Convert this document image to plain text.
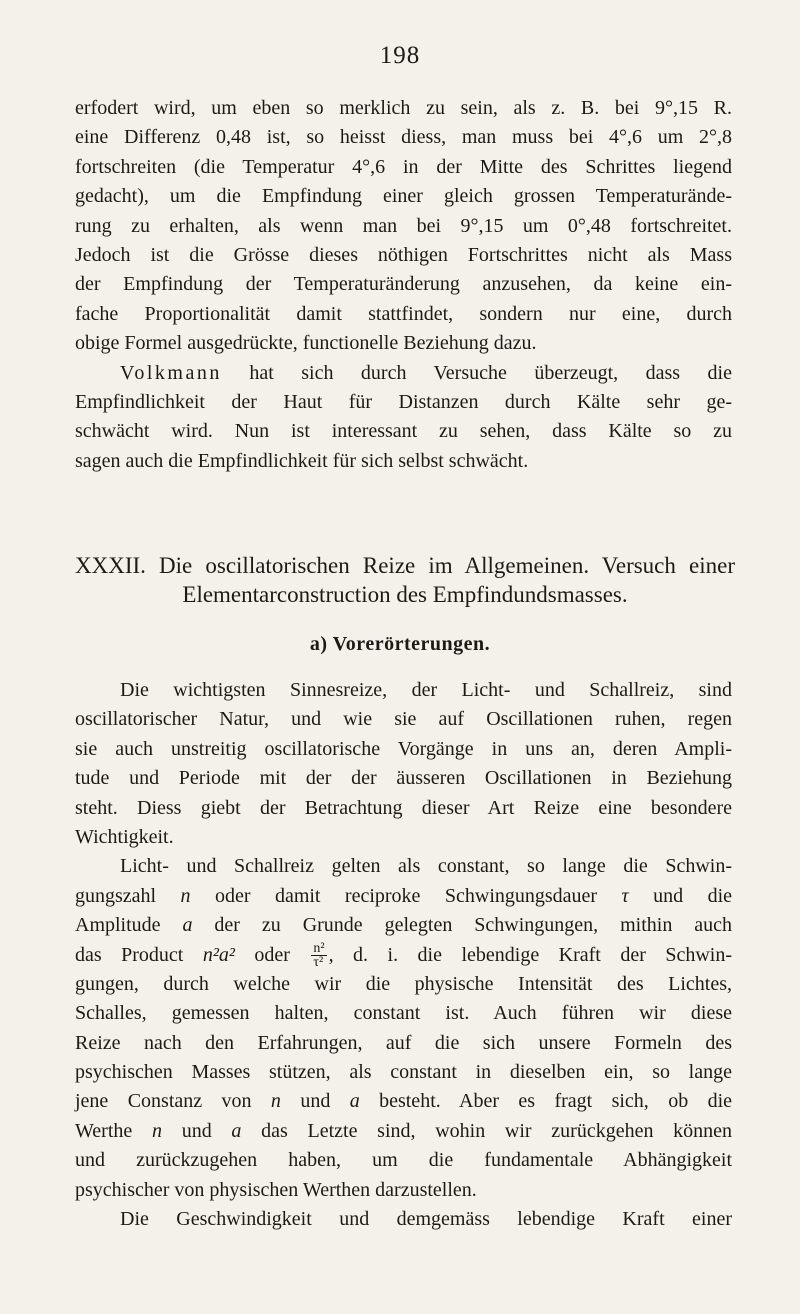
198
erfodert wird, um eben so merklich zu sein, als z. B. bei 9°,15 R.
eine Differenz 0,48 ist, so heisst diess, man muss bei 4°,6 um 2°,8
fortschreiten (die Temperatur 4°,6 in der Mitte des Schrittes liegend
gedacht), um die Empfindung einer gleich grossen Temperaturände-
rung zu erhalten, als wenn man bei 9°,15 um 0°,48 fortschreitet.
Jedoch ist die Grösse dieses nöthigen Fortschrittes nicht als Mass
der Empfindung der Temperaturänderung anzusehen, da keine ein-
fache Proportionalität damit stattfindet, sondern nur eine, durch
obige Formel ausgedrückte, functionelle Beziehung dazu.
Volkmann hat sich durch Versuche überzeugt, dass die
Empfindlichkeit der Haut für Distanzen durch Kälte sehr ge-
schwächt wird. Nun ist interessant zu sehen, dass Kälte so zu
sagen auch die Empfindlichkeit für sich selbst schwächt.
XXXII. Die oscillatorischen Reize im Allgemeinen. Versuch einer
Elementarconstruction des Empfindundsmasses.
a) Vorerörterungen.
Die wichtigsten Sinnesreize, der Licht- und Schallreiz, sind
oscillatorischer Natur, und wie sie auf Oscillationen ruhen, regen
sie auch unstreitig oscillatorische Vorgänge in uns an, deren Ampli-
tude und Periode mit der der äusseren Oscillationen in Beziehung
steht. Diess giebt der Betrachtung dieser Art Reize eine besondere
Wichtigkeit.
Licht- und Schallreiz gelten als constant, so lange die Schwin-
gungszahl n oder damit reciproke Schwingungsdauer τ und die
Amplitude a der zu Grunde gelegten Schwingungen, mithin auch
das Product n²a² oder $\frac{\text{n²}}{\text{τ²}}$ , d. i. die lebendige Kraft der Schwin-
gungen, durch welche wir die physische Intensität des Lichtes,
Schalles, gemessen halten, constant ist. Auch führen wir diese
Reize nach den Erfahrungen, auf die sich unsere Formeln des
psychischen Masses stützen, als constant in dieselben ein, so lange
jene Constanz von n und a besteht. Aber es fragt sich, ob die
Werthe n und a das Letzte sind, wohin wir zurückgehen können
und zurückzugehen haben, um die fundamentale Abhängigkeit
psychischer von physischen Werthen darzustellen.
Die Geschwindigkeit und demgemäss lebendige Kraft einer
